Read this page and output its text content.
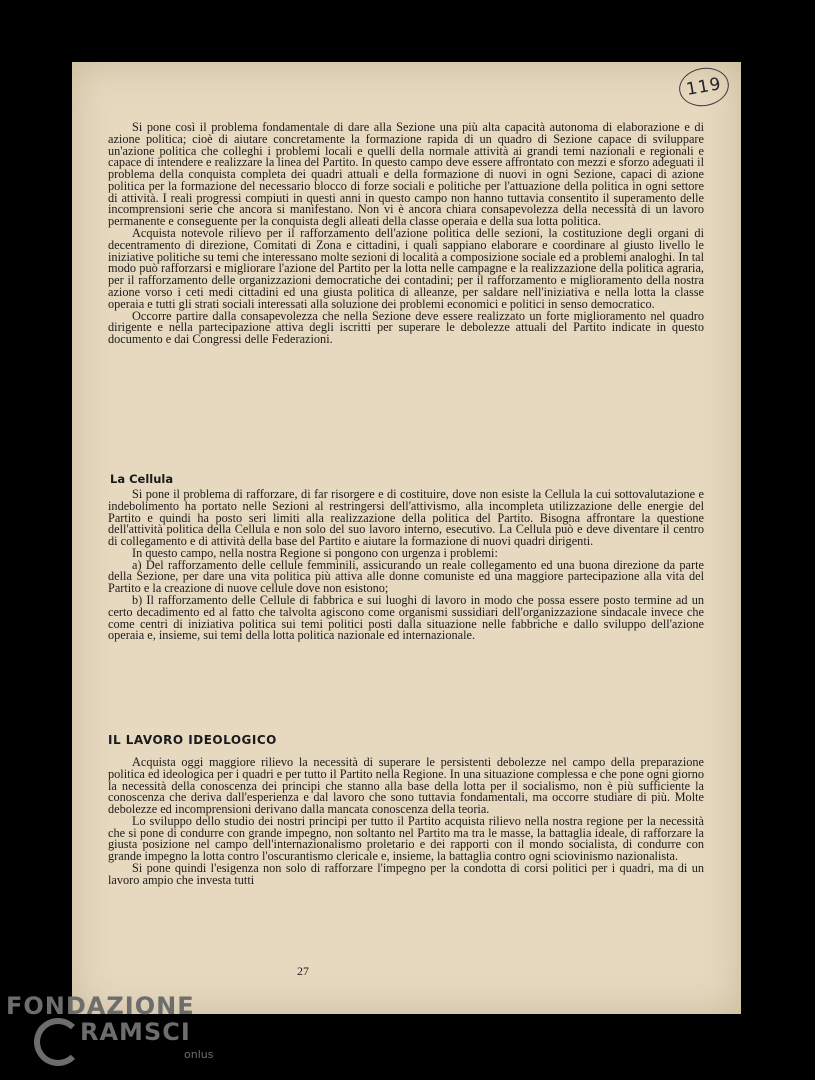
119

Si pone così il problema fondamentale di dare alla Sezione una più alta capacità autonoma di elaborazione e di azione politica; cioè di aiutare concretamente la formazione rapida di un quadro di Sezione capace di sviluppare un'azione politica che colleghi i problemi locali e quelli della normale attività ai grandi temi nazionali e regionali e capace di intendere e realizzare la linea del Partito. In questo campo deve essere affrontato con mezzi e sforzo adeguati il problema della conquista completa dei quadri attuali e della formazione di nuovi in ogni Sezione, capaci di azione politica per la formazione del necessario blocco di forze sociali e politiche per l'attuazione della politica in ogni settore di attività. I reali progressi compiuti in questi anni in questo campo non hanno tuttavia consentito il superamento delle incomprensioni serie che ancora si manifestano. Non vi è ancora chiara consapevolezza della necessità di un lavoro permanente e conseguente per la conquista degli alleati della classe operaia e della sua lotta politica.

Acquista notevole rilievo per il rafforzamento dell'azione politica delle sezioni, la costituzione degli organi di decentramento di direzione, Comitati di Zona e cittadini, i quali sappiano elaborare e coordinare al giusto livello le iniziative politiche su temi che interessano molte sezioni di località a composizione sociale ed a problemi analoghi. In tal modo può rafforzarsi e migliorare l'azione del Partito per la lotta nelle campagne e la realizzazione della politica agraria, per il rafforzamento delle organizzazioni democratiche dei contadini; per il rafforzamento e miglioramento della nostra azione vorso i ceti medi cittadini ed una giusta politica di alleanze, per saldare nell'iniziativa e nella lotta la classe operaia e tutti gli strati sociali interessati alla soluzione dei problemi economici e politici in senso democratico.

Occorre partire dalla consapevolezza che nella Sezione deve essere realizzato un forte miglioramento nel quadro dirigente e nella partecipazione attiva degli iscritti per superare le debolezze attuali del Partito indicate in questo documento e dai Congressi delle Federazioni.

La Cellula

Si pone il problema di rafforzare, di far risorgere e di costituire, dove non esiste la Cellula la cui sottovalutazione e indebolimento ha portato nelle Sezioni al restringersi dell'attivismo, alla incompleta utilizzazione delle energie del Partito e quindi ha posto seri limiti alla realizzazione della politica del Partito. Bisogna affrontare la questione dell'attività politica della Cellula e non solo del suo lavoro interno, esecutivo. La Cellula può e deve diventare il centro di collegamento e di attività della base del Partito e aiutare la formazione di nuovi quadri dirigenti.

In questo campo, nella nostra Regione si pongono con urgenza i problemi:

a) Del rafforzamento delle cellule femminili, assicurando un reale collegamento ed una buona direzione da parte della Sezione, per dare una vita politica più attiva alle donne comuniste ed una maggiore partecipazione alla vita del Partito e la creazione di nuove cellule dove non esistono;

b) Il rafforzamento delle Cellule di fabbrica e sui luoghi di lavoro in modo che possa essere posto termine ad un certo decadimento ed al fatto che talvolta agiscono come organismi sussidiari dell'organizzazione sindacale invece che come centri di iniziativa politica sui temi politici posti dalla situazione nelle fabbriche e dallo sviluppo dell'azione operaia e, insieme, sui temi della lotta politica nazionale ed internazionale.

IL LAVORO IDEOLOGICO

Acquista oggi maggiore rilievo la necessità di superare le persistenti debolezze nel campo della preparazione politica ed ideologica per i quadri e per tutto il Partito nella Regione. In una situazione complessa e che pone ogni giorno la necessità della conoscenza dei principi che stanno alla base della lotta per il socialismo, non è più sufficiente la conoscenza che deriva dall'esperienza e dal lavoro che sono tuttavia fondamentali, ma occorre studiare di più. Molte debolezze ed incomprensioni derivano dalla mancata conoscenza della teoria.

Lo sviluppo dello studio dei nostri principi per tutto il Partito acquista rilievo nella nostra regione per la necessità che si pone di condurre con grande impegno, non soltanto nel Partito ma tra le masse, la battaglia ideale, di rafforzare la giusta posizione nel campo dell'internazionalismo proletario e dei rapporti con il mondo socialista, di condurre con grande impegno la lotta contro l'oscurantismo clericale e, insieme, la battaglia contro ogni sciovinismo nazionalista.

Si pone quindi l'esigenza non solo di rafforzare l'impegno per la condotta di corsi politici per i quadri, ma di un lavoro ampio che investa tutti

27
FONDAZIONE
RAMSCI
onlus
